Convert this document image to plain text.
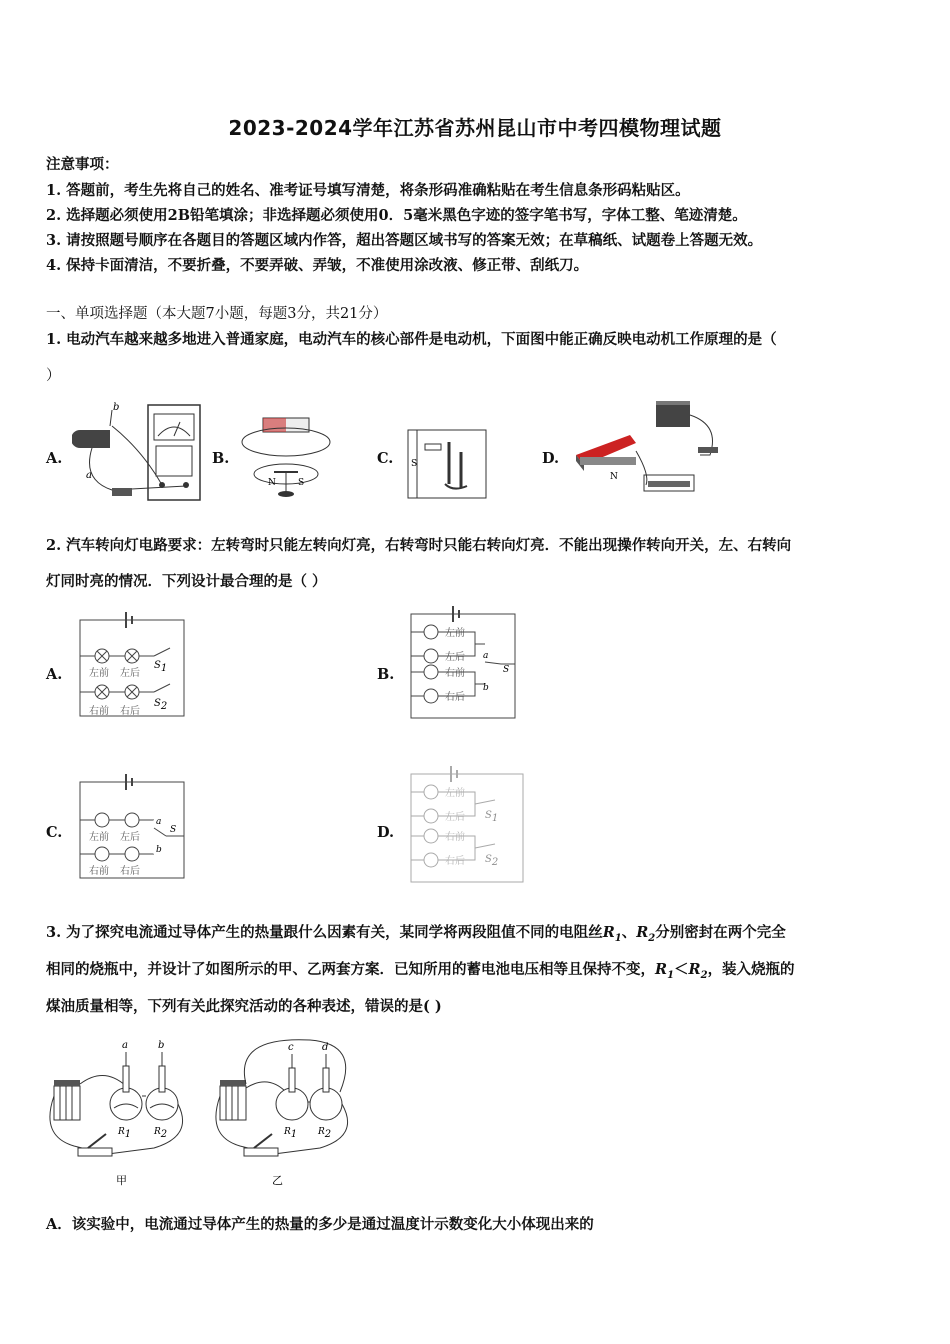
2023-2024学年江苏省苏州昆山市中考四模物理试题
注意事项：
1. 答题前，考生先将自己的姓名、准考证号填写清楚，将条形码准确粘贴在考生信息条形码粘贴区。
2. 选择题必须使用2B铅笔填涂；非选择题必须使用0．5毫米黑色字迹的签字笔书写，字体工整、笔迹清楚。
3. 请按照题号顺序在各题目的答题区域内作答，超出答题区域书写的答案无效；在草稿纸、试题卷上答题无效。
4. 保持卡面清洁，不要折叠，不要弄破、弄皱，不准使用涂改液、修正带、刮纸刀。
一、单项选择题（本大题7小题，每题3分，共21分）
1. 电动汽车越来越多地进入普通家庭，电动汽车的核心部件是电动机，下面图中能正确反映电动机工作原理的是（
）
A.	B.	C.	D.
b
a
N S
S
N
2. 汽车转向灯电路要求：左转弯时只能左转向灯亮，右转弯时只能右转向灯亮．不能出现操作转向开关，左、右转向
灯同时亮的情况．下列设计最合理的是（ ）
A.	B.
C.	D.
左前 左后
右前 右后
S1
S2
左前
左后
右前
右后
a
b
S
左前 左后
右前 右后
a
b
S
左前
左后
右前
右后
S1
S2
3. 为了探究电流通过导体产生的热量跟什么因素有关，某同学将两段阻值不同的电阻丝$R_1$、$R_2$分别密封在两个完全
相同的烧瓶中，并设计了如图所示的甲、乙两套方案．已知所用的蓄电池电压相等且保持不变，$R_1<R_2$，装入烧瓶的
煤油质量相等，下列有关此探究活动的各种表述，错误的是( )
a	b
R1	R2
甲
c	d
R1 R2
乙
A．该实验中，电流通过导体产生的热量的多少是通过温度计示数变化大小体现出来的
